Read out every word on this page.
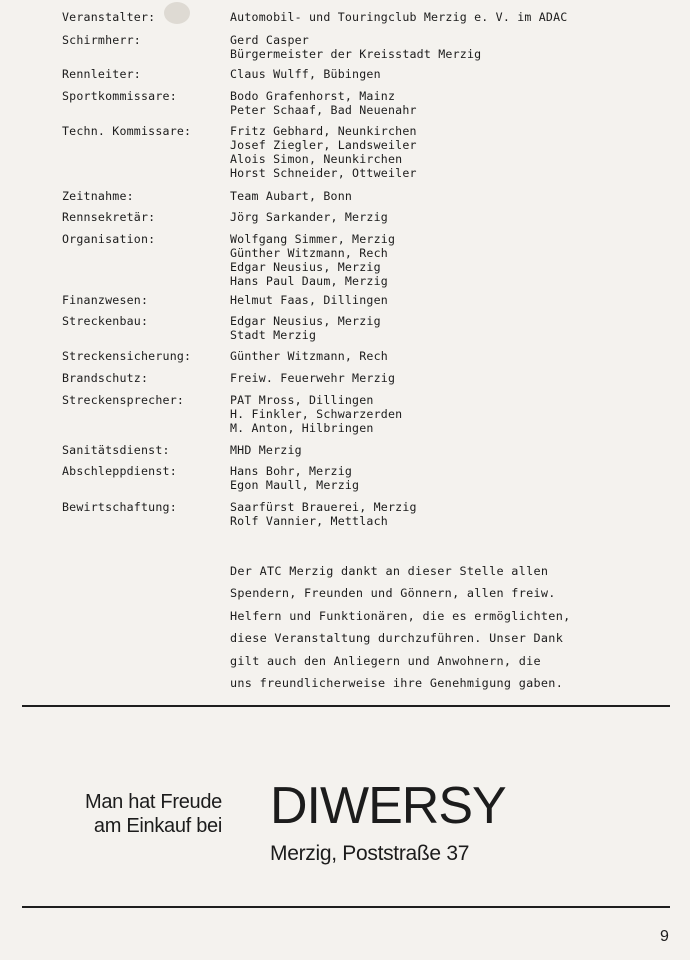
Veranstalter:	Automobil- und Touringclub Merzig e. V. im ADAC
Schirmherr:	Gerd Casper
Bürgermeister der Kreisstadt Merzig
Rennleiter:	Claus Wulff, Bübingen
Sportkommissare:	Bodo Grafenhorst, Mainz
Peter Schaaf, Bad Neuenahr
Techn. Kommissare:	Fritz Gebhard, Neunkirchen
Josef Ziegler, Landsweiler
Alois Simon, Neunkirchen
Horst Schneider, Ottweiler
Zeitnahme:	Team Aubart, Bonn
Rennsekretär:	Jörg Sarkander, Merzig
Organisation:	Wolfgang Simmer, Merzig
Günther Witzmann, Rech
Edgar Neusius, Merzig
Hans Paul Daum, Merzig
Finanzwesen:	Helmut Faas, Dillingen
Streckenbau:	Edgar Neusius, Merzig
Stadt Merzig
Streckensicherung:	Günther Witzmann, Rech
Brandschutz:	Freiw. Feuerwehr Merzig
Streckensprecher:	PAT Mross, Dillingen
H. Finkler, Schwarzerden
M. Anton, Hilbringen
Sanitätsdienst:	MHD Merzig
Abschleppdienst:	Hans Bohr, Merzig
Egon Maull, Merzig
Bewirtschaftung:	Saarfürst Brauerei, Merzig
Rolf Vannier, Mettlach
Der ATC Merzig dankt an dieser Stelle allen
Spendern, Freunden und Gönnern, allen freiw.
Helfern und Funktionären, die es ermöglichten,
diese Veranstaltung durchzuführen. Unser Dank
gilt auch den Anliegern und Anwohnern, die
uns freundlicherweise ihre Genehmigung gaben.
Man hat Freude
am Einkauf bei DIWERSY
Merzig, Poststraße 37
9
